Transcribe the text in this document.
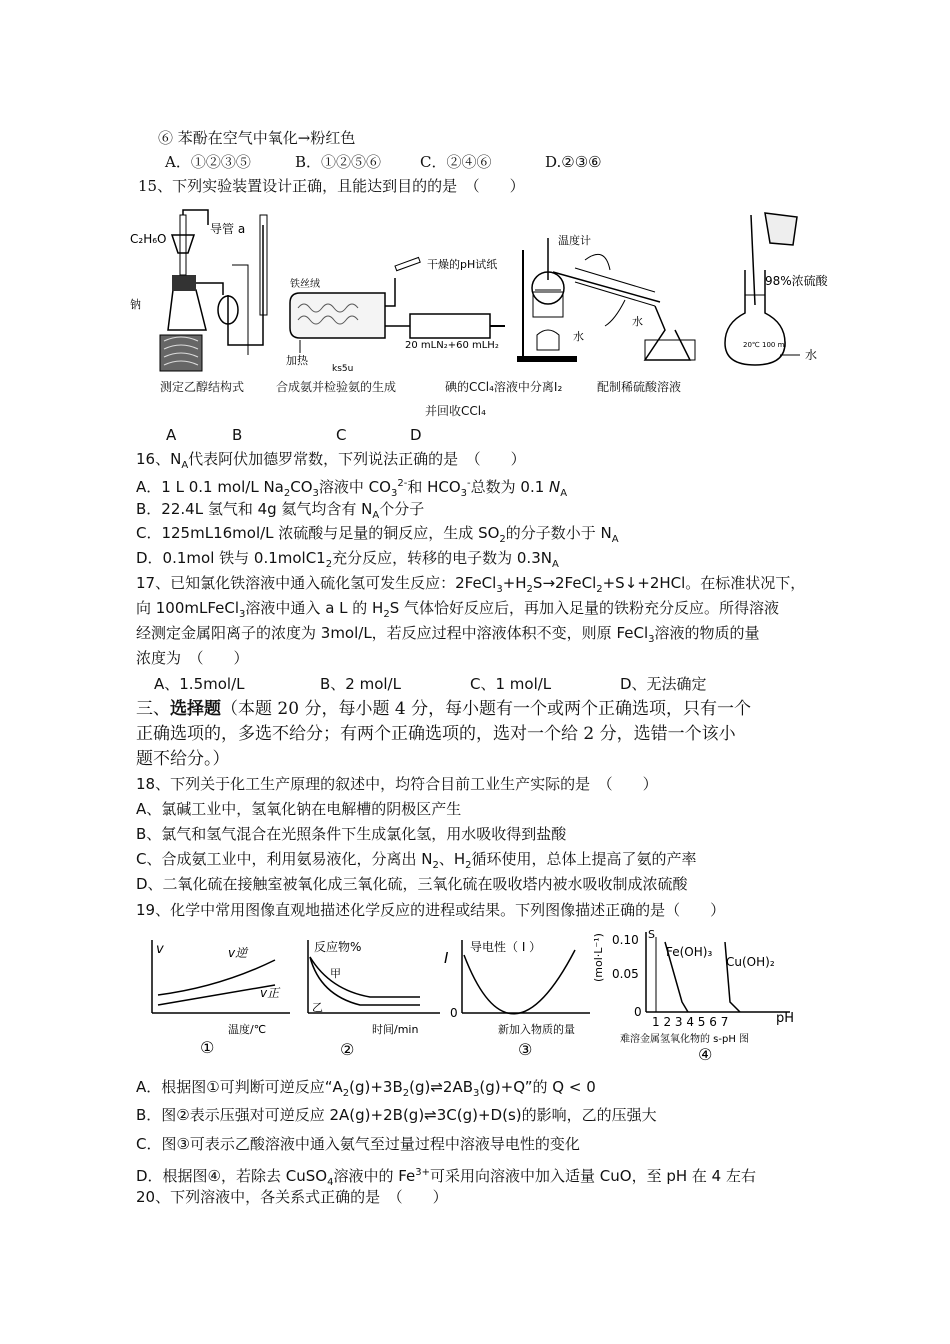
⑥ 苯酚在空气中氧化→粉红色
A．①②③⑤	B．①②⑤⑥	C．②④⑥	D.②③⑥
15、下列实验装置设计正确，且能达到目的的是　（　　）
C₂H₆O
导管 a
钠
铁丝绒
干燥的pH试纸
加热
20 mLN₂+60 mLH₂
ks5u
温度计
水
水
98%浓硫酸
水
20℃ 100 ml
测定乙醇结构式	合成氨并检验氨的生成	碘的CCl₄溶液中分离I₂	配制稀硫酸溶液
并回收CCl₄
A	B	C	D
16、$N_A$代表阿伏加德罗常数，下列说法正确的是　（　　）
A．1 L 0.1 mol/L $Na_2CO_3$溶液中 $CO_3^{2-}$和 $HCO_3^-$总数为 0.1 $N_A$
B．22.4L 氢气和 4g 氦气均含有 $N_A$个分子
C．125mL16mol/L 浓硫酸与足量的铜反应，生成 $SO_2$的分子数小于 $N_A$
D．0.1mol 铁与 $0.1molC1_2$充分反应，转移的电子数为 $0.3N_A$
17、已知氯化铁溶液中通入硫化氢可发生反应：$2FeCl_3+H_2S\to 2FeCl_2+S↓+2HCl$。在标准状况下，
向 100mLFeCl$_3$溶液中通入 a L 的 $H_2S$ 气体恰好反应后，再加入足量的铁粉充分反应。所得溶液
经测定金属阳离子的浓度为 3mol/L，若反应过程中溶液体积不变，则原 FeCl$_3$溶液的物质的量
浓度为　（　　）
A、1.5mol/L	B、2 mol/L	C、1 mol/L	D、无法确定
三、选择题（本题 20 分，每小题 4 分，每小题有一个或两个正确选项，只有一个
正确选项的，多选不给分；有两个正确选项的，选对一个给 2 分，选错一个该小
题不给分。）
18、下列关于化工生产原理的叙述中，均符合目前工业生产实际的是　（　　）
A、氯碱工业中，氢氧化钠在电解槽的阴极区产生
B、氯气和氢气混合在光照条件下生成氯化氢，用水吸收得到盐酸
C、合成氨工业中，利用氨易液化，分离出 $N_2$、$H_2$循环使用，总体上提高了氨的产率
D、二氧化硫在接触室被氧化成三氧化硫，三氧化硫在吸收塔内被水吸收制成浓硫酸
19、化学中常用图像直观地描述化学反应的进程或结果。下列图像描述正确的是（　　）
v	v逆
v正
温度/℃
①
反应物%
甲
乙
时间/min
②
I
导电性（ I ）
0
新加入物质的量
③
S
(mol·L⁻¹) 0.10
0.05
0
Fe(OH)₃
Cu(OH)₂
pH
1 2 3 4 5 6 7
难溶金属氢氧化物的 s-pH 图
④
A．根据图①可判断可逆反应“$A_2(g)+3B_2(g)\rightleftharpoons 2AB_3(g)+Q$”的 Q < 0
B．图②表示压强对可逆反应 2A(g)+2B(g)⇌3C(g)+D(s)的影响，乙的压强大
C．图③可表示乙酸溶液中通入氨气至过量过程中溶液导电性的变化
D．根据图④，若除去 CuSO$_4$溶液中的 $Fe^{3+}$可采用向溶液中加入适量 CuO，至 pH 在 4 左右
20、下列溶液中，各关系式正确的是　（　　）
